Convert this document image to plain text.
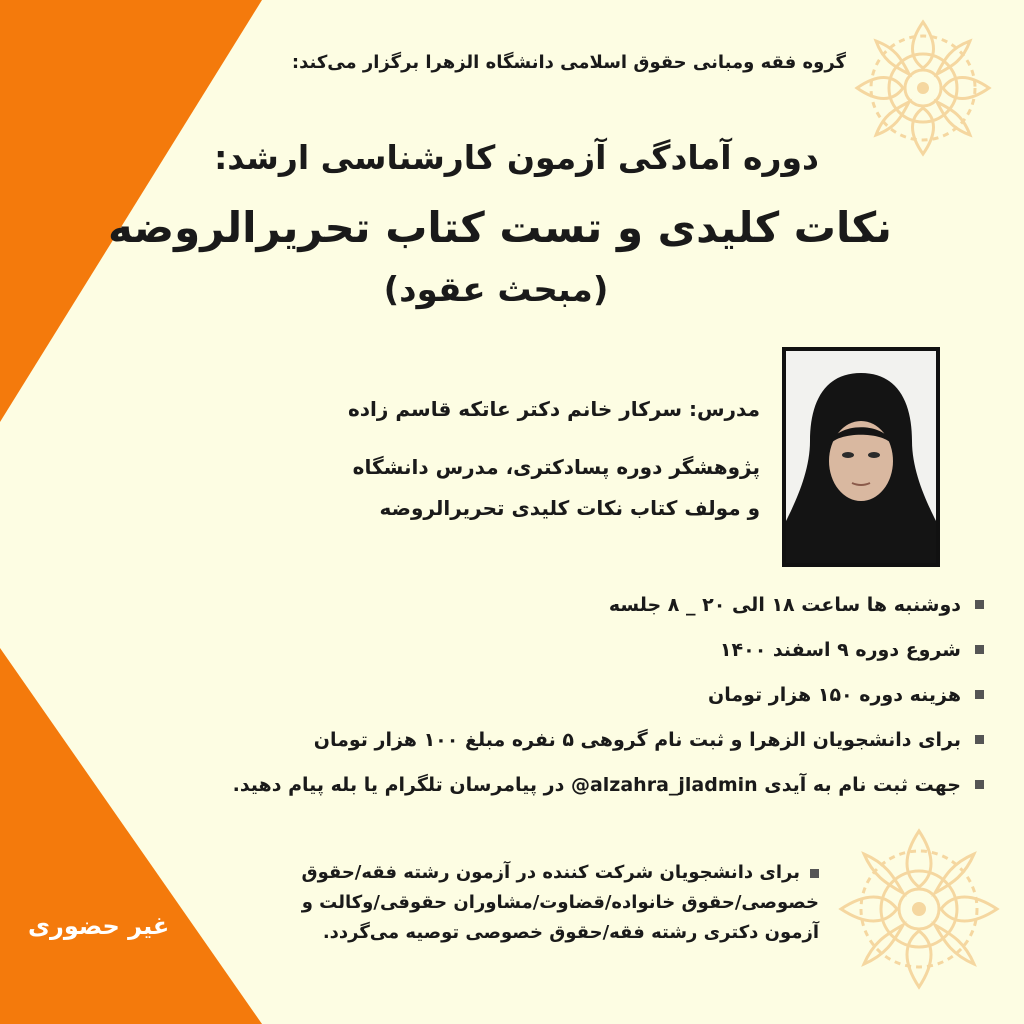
گروه فقه ومبانی حقوق اسلامی دانشگاه الزهرا برگزار می‌کند:
دوره آمادگی آزمون کارشناسی ارشد:
نکات کلیدی و تست کتاب تحریرالروضه
(مبحث عقود)
مدرس: سرکار خانم دکتر عاتکه قاسم زاده
پژوهشگر دوره پسادکتری، مدرس دانشگاه
و مولف کتاب نکات کلیدی تحریرالروضه
دوشنبه ها ساعت ۱۸ الی ۲۰ _ ۸ جلسه
شروع دوره ۹ اسفند ۱۴۰۰
هزینه دوره ۱۵۰ هزار تومان
برای دانشجویان الزهرا و ثبت نام گروهی ۵ نفره مبلغ ۱۰۰ هزار تومان
جهت ثبت نام به آیدی alzahra_jladmin@ در پیامرسان تلگرام یا بله پیام دهید.
برای دانشجویان شرکت کننده در آزمون رشته فقه/حقوق
خصوصی/حقوق خانواده/قضاوت/مشاوران حقوقی/وکالت و
آزمون دکتری رشته فقه/حقوق خصوصی توصیه می‌گردد.
غیر حضوری
